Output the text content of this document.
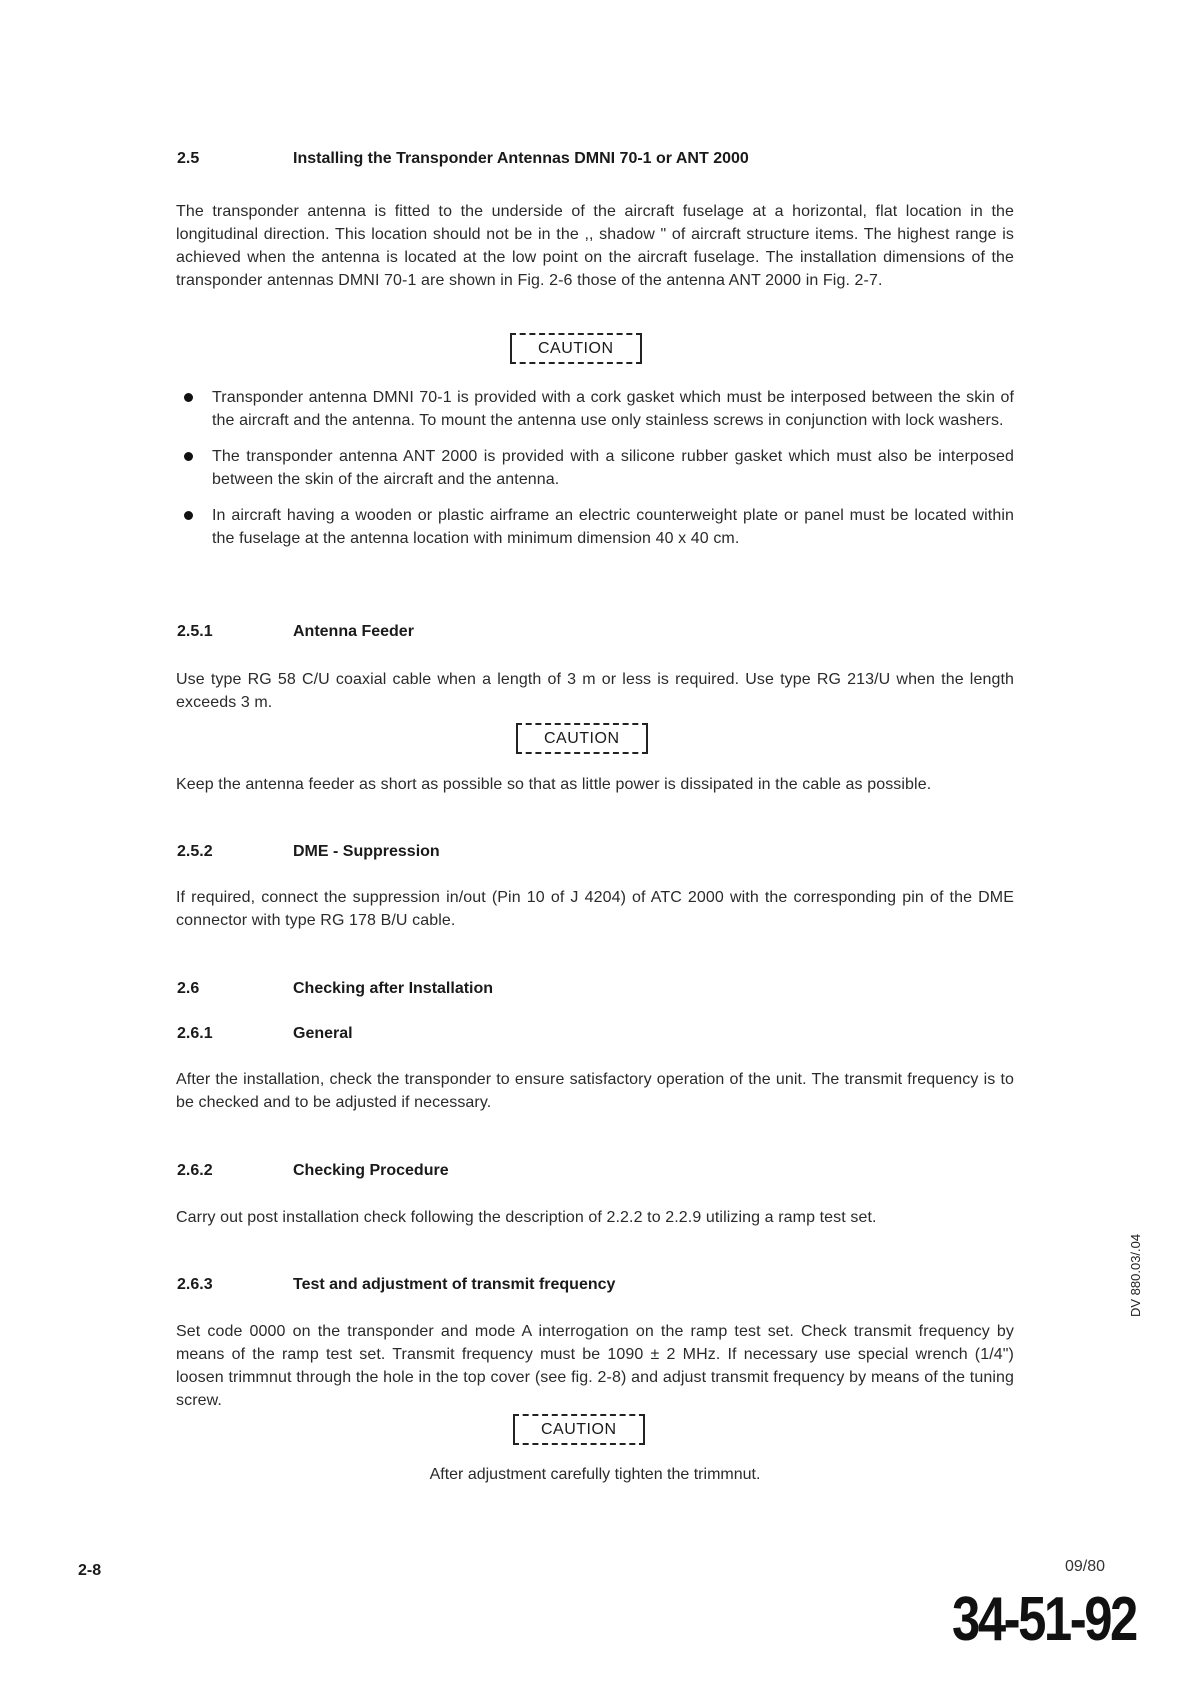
2.5	Installing the Transponder Antennas DMNI 70-1 or ANT 2000
The transponder antenna is fitted to the underside of the aircraft fuselage at a horizontal, flat location in the longitudinal direction. This location should not be in the ,, shadow " of aircraft structure items. The highest range is achieved when the antenna is located at the low point on the aircraft fuselage. The installation dimensions of the transponder antennas DMNI 70-1 are shown in Fig. 2-6 those of the antenna ANT 2000 in Fig. 2-7.
CAUTION
Transponder antenna DMNI 70-1 is provided with a cork gasket which must be interposed between the skin of the aircraft and the antenna. To mount the antenna use only stainless screws in conjunction with lock washers.
The transponder antenna ANT 2000 is provided with a silicone rubber gasket which must also be interposed between the skin of the aircraft and the antenna.
In aircraft having a wooden or plastic airframe an electric counterweight plate or panel must be located within the fuselage at the antenna location with minimum dimension 40 x 40 cm.
2.5.1	Antenna Feeder
Use type RG 58 C/U coaxial cable when a length of 3 m or less is required. Use type RG 213/U when the length exceeds 3 m.
CAUTION
Keep the antenna feeder as short as possible so that as little power is dissipated in the cable as possible.
2.5.2	DME - Suppression
If required, connect the suppression in/out (Pin 10 of J 4204) of ATC 2000 with the corresponding pin of the DME connector with type RG 178 B/U cable.
2.6	Checking after Installation
2.6.1	General
After the installation, check the transponder to ensure satisfactory operation of the unit. The transmit frequency is to be checked and to be adjusted if necessary.
2.6.2	Checking Procedure
Carry out post installation check following the description of 2.2.2 to 2.2.9 utilizing a ramp test set.
2.6.3	Test and adjustment of transmit frequency
Set code 0000 on the transponder and mode A interrogation on the ramp test set. Check transmit frequency by means of the ramp test set. Transmit frequency must be 1090 ± 2 MHz. If necessary use special wrench (1/4") loosen trimmnut through the hole in the top cover (see fig. 2-8) and adjust transmit frequency by means of the tuning screw.
CAUTION
After adjustment carefully tighten the trimmnut.
DV 880.03/.04
2-8	09/80
34-51-92
